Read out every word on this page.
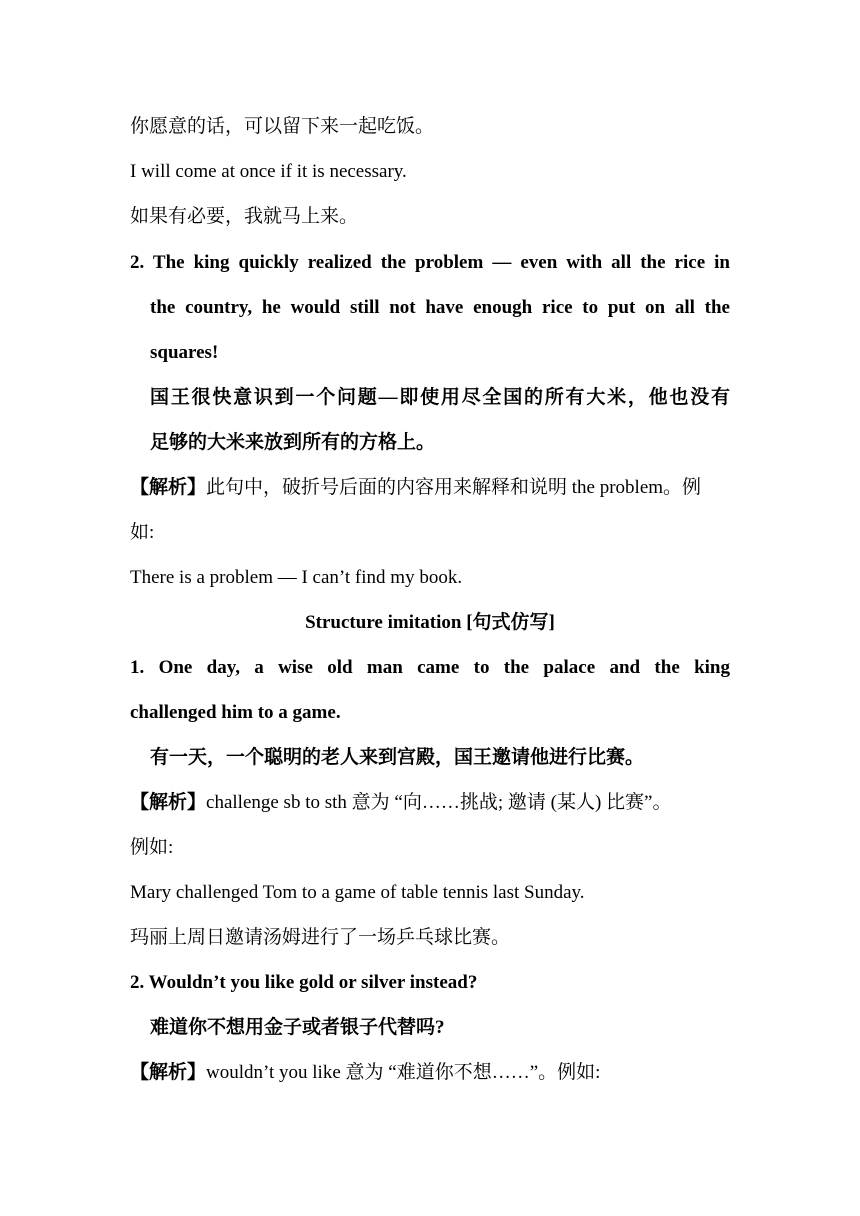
你愿意的话，可以留下来一起吃饭。
I will come at once if it is necessary.
如果有必要，我就马上来。
2. The king quickly realized the problem — even with all the rice in
the country, he would still not have enough rice to put on all the
squares!
国王很快意识到一个问题—即使用尽全国的所有大米，他也没有
足够的大米来放到所有的方格上。
【解析】此句中，破折号后面的内容用来解释和说明 the problem。例
如:
There is a problem — I can’t find my book.
Structure imitation [句式仿写]
1. One day, a wise old man came to the palace and the king
challenged him to a game.
有一天，一个聪明的老人来到宫殿，国王邀请他进行比赛。
【解析】challenge sb to sth 意为 “向……挑战; 邀请 (某人) 比赛”。
例如:
Mary challenged Tom to a game of table tennis last Sunday.
玛丽上周日邀请汤姆进行了一场乒乓球比赛。
2. Wouldn’t you like gold or silver instead?
难道你不想用金子或者银子代替吗?
【解析】wouldn’t you like 意为 “难道你不想……”。例如:
